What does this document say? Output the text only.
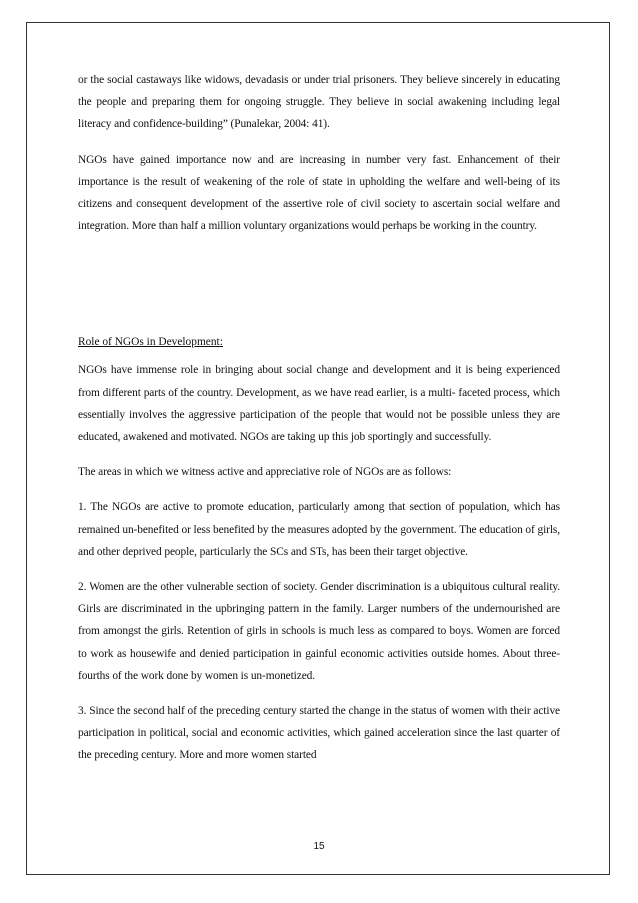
or the social castaways like widows, devadasis or under trial prisoners. They believe sincerely in educating the people and preparing them for ongoing struggle. They believe in social awakening including legal literacy and confidence-building” (Punalekar, 2004: 41).

NGOs have gained importance now and are increasing in number very fast. Enhancement of their importance is the result of weakening of the role of state in upholding the welfare and well-being of its citizens and consequent development of the assertive role of civil society to ascertain social welfare and integration. More than half a million voluntary organizations would perhaps be working in the country.

Role of NGOs in Development:

NGOs have immense role in bringing about social change and development and it is being experienced from different parts of the country. Development, as we have read earlier, is a multi- faceted process, which essentially involves the aggressive participation of the people that would not be possible unless they are educated, awakened and motivated. NGOs are taking up this job sportingly and successfully.

The areas in which we witness active and appreciative role of NGOs are as follows:

1. The NGOs are active to promote education, particularly among that section of population, which has remained un-benefited or less benefited by the measures adopted by the government. The education of girls, and other deprived people, particularly the SCs and STs, has been their target objective.

2. Women are the other vulnerable section of society. Gender discrimination is a ubiquitous cultural reality. Girls are discriminated in the upbringing pattern in the family. Larger numbers of the undernourished are from amongst the girls. Retention of girls in schools is much less as compared to boys. Women are forced to work as housewife and denied participation in gainful economic activities outside homes. About three-fourths of the work done by women is un-monetized.

3. Since the second half of the preceding century started the change in the status of women with their active participation in political, social and economic activities, which gained acceleration since the last quarter of the preceding century. More and more women started

15
